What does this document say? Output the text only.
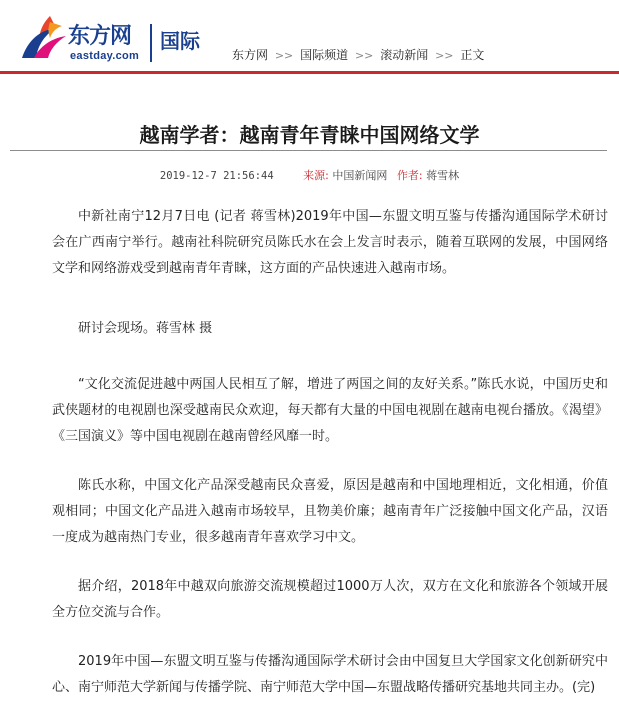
东方网
eastday.com
国际
东方网 >> 国际频道 >> 滚动新闻 >> 正文
越南学者：越南青年青睐中国网络文学
2019-12-7 21:56:44	来源: 中国新闻网 作者: 蒋雪林

中新社南宁12月7日电 (记者 蒋雪林)2019年中国—东盟文明互鉴与传播沟通国际学术研讨会在广西南宁举行。越南社科院研究员陈氏水在会上发言时表示，随着互联网的发展，中国网络文学和网络游戏受到越南青年青睐，这方面的产品快速进入越南市场。

研讨会现场。蒋雪林 摄

“文化交流促进越中两国人民相互了解，增进了两国之间的友好关系。”陈氏水说，中国历史和武侠题材的电视剧也深受越南民众欢迎，每天都有大量的中国电视剧在越南电视台播放。《渴望》《三国演义》等中国电视剧在越南曾经风靡一时。

陈氏水称，中国文化产品深受越南民众喜爱，原因是越南和中国地理相近，文化相通，价值观相同；中国文化产品进入越南市场较早，且物美价廉；越南青年广泛接触中国文化产品，汉语一度成为越南热门专业，很多越南青年喜欢学习中文。

据介绍，2018年中越双向旅游交流规模超过1000万人次，双方在文化和旅游各个领域开展全方位交流与合作。

2019年中国—东盟文明互鉴与传播沟通国际学术研讨会由中国复旦大学国家文化创新研究中心、南宁师范大学新闻与传播学院、南宁师范大学中国—东盟战略传播研究基地共同主办。(完)
